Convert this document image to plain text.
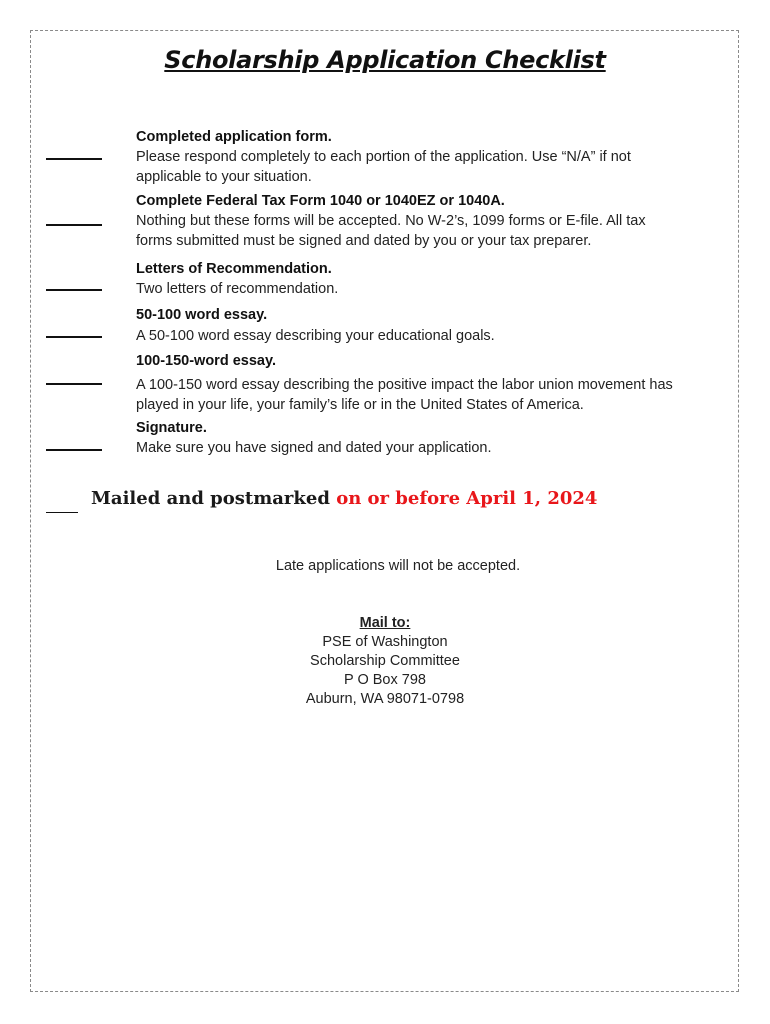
Scholarship Application Checklist
Completed application form.
Please respond completely to each portion of the application. Use “N/A” if not
applicable to your situation.
Complete Federal Tax Form 1040 or 1040EZ or 1040A.
Nothing but these forms will be accepted. No W-2’s, 1099 forms or E-file. All tax
forms submitted must be signed and dated by you or your tax preparer.
Letters of Recommendation.
Two letters of recommendation.
50-100 word essay.
A 50-100 word essay describing your educational goals.
100-150-word essay.
A 100-150 word essay describing the positive impact the labor union movement has
played in your life, your family’s life or in the United States of America.
Signature.
Make sure you have signed and dated your application.
Mailed and postmarked on or before April 1, 2024
Late applications will not be accepted.
Mail to:
PSE of Washington
Scholarship Committee
P O Box 798
Auburn, WA 98071-0798
